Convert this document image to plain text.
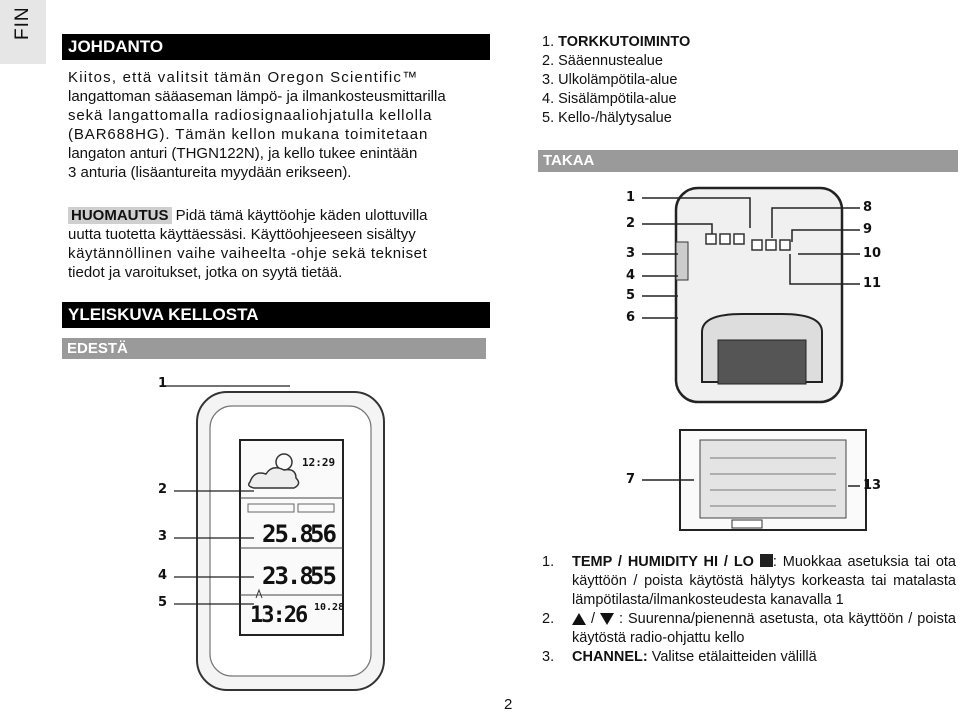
FIN
JOHDANTO
Kiitos, että valitsit tämän Oregon Scientific™
langattoman sääaseman lämpö- ja ilmankosteusmittarilla
sekä langattomalla radiosignaaliohjatulla kellolla
(BAR688HG). Tämän kellon mukana toimitetaan
langaton anturi (THGN122N), ja kello tukee enintään
3 anturia (lisäantureita myydään erikseen).
HUOMAUTUS Pidä tämä käyttöohje käden ulottuvilla
uutta tuotetta käyttäessäsi. Käyttöohjeeseen sisältyy
käytännöllinen vaihe vaiheelta -ohje sekä tekniset
tiedot ja varoitukset, jotka on syytä tietää.
YLEISKUVA KELLOSTA
EDESTÄ
1
2
3
4
5
12:29
25.8
56
23.8
55
13:26 10.28
1. TORKKUTOIMINTO
2. Sääennustealue
3. Ulkolämpötila-alue
4. Sisälämpötila-alue
5. Kello-/hälytysalue
TAKAA
1
2
3
4
5
6
8
9
10
11
7	13
1.	TEMP / HUMIDITY HI / LO : Muokkaa asetuksia tai ota käyttöön / poista käytöstä hälytys korkeasta tai matalasta lämpötilasta/ilmankosteudesta kanavalla 1
2.	/  : Suurenna/pienennä asetusta, ota käyttöön / poista käytöstä radio-ohjattu kello
3.	CHANNEL: Valitse etälaitteiden välillä
2
